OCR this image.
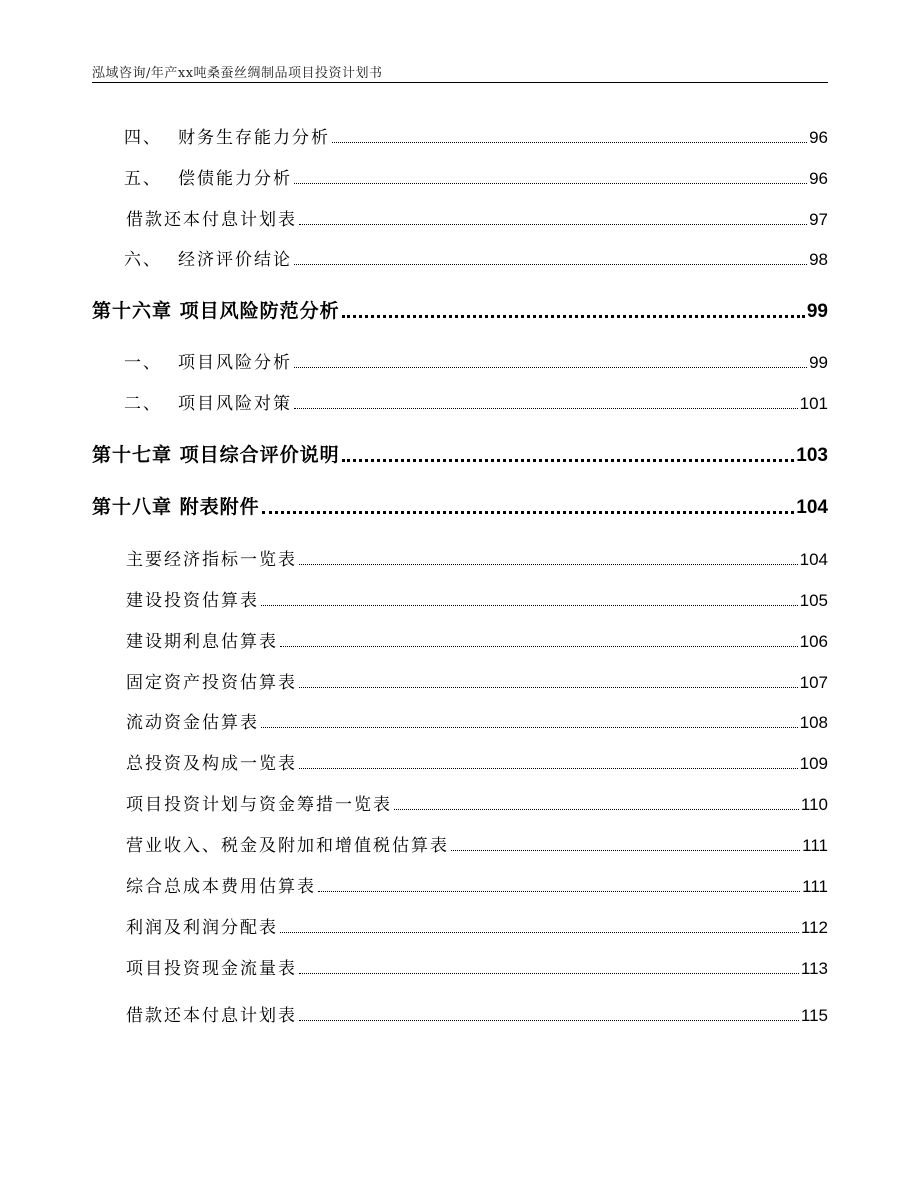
泓域咨询/年产xx吨桑蚕丝绸制品项目投资计划书
四、 财务生存能力分析	96
五、 偿债能力分析	96
借款还本付息计划表	97
六、 经济评价结论	98
第十六章 项目风险防范分析	99
一、 项目风险分析	99
二、 项目风险对策	101
第十七章 项目综合评价说明	103
第十八章 附表附件	104
主要经济指标一览表	104
建设投资估算表	105
建设期利息估算表	106
固定资产投资估算表	107
流动资金估算表	108
总投资及构成一览表	109
项目投资计划与资金筹措一览表	110
营业收入、税金及附加和增值税估算表	111
综合总成本费用估算表	111
利润及利润分配表	112
项目投资现金流量表	113
借款还本付息计划表	115
